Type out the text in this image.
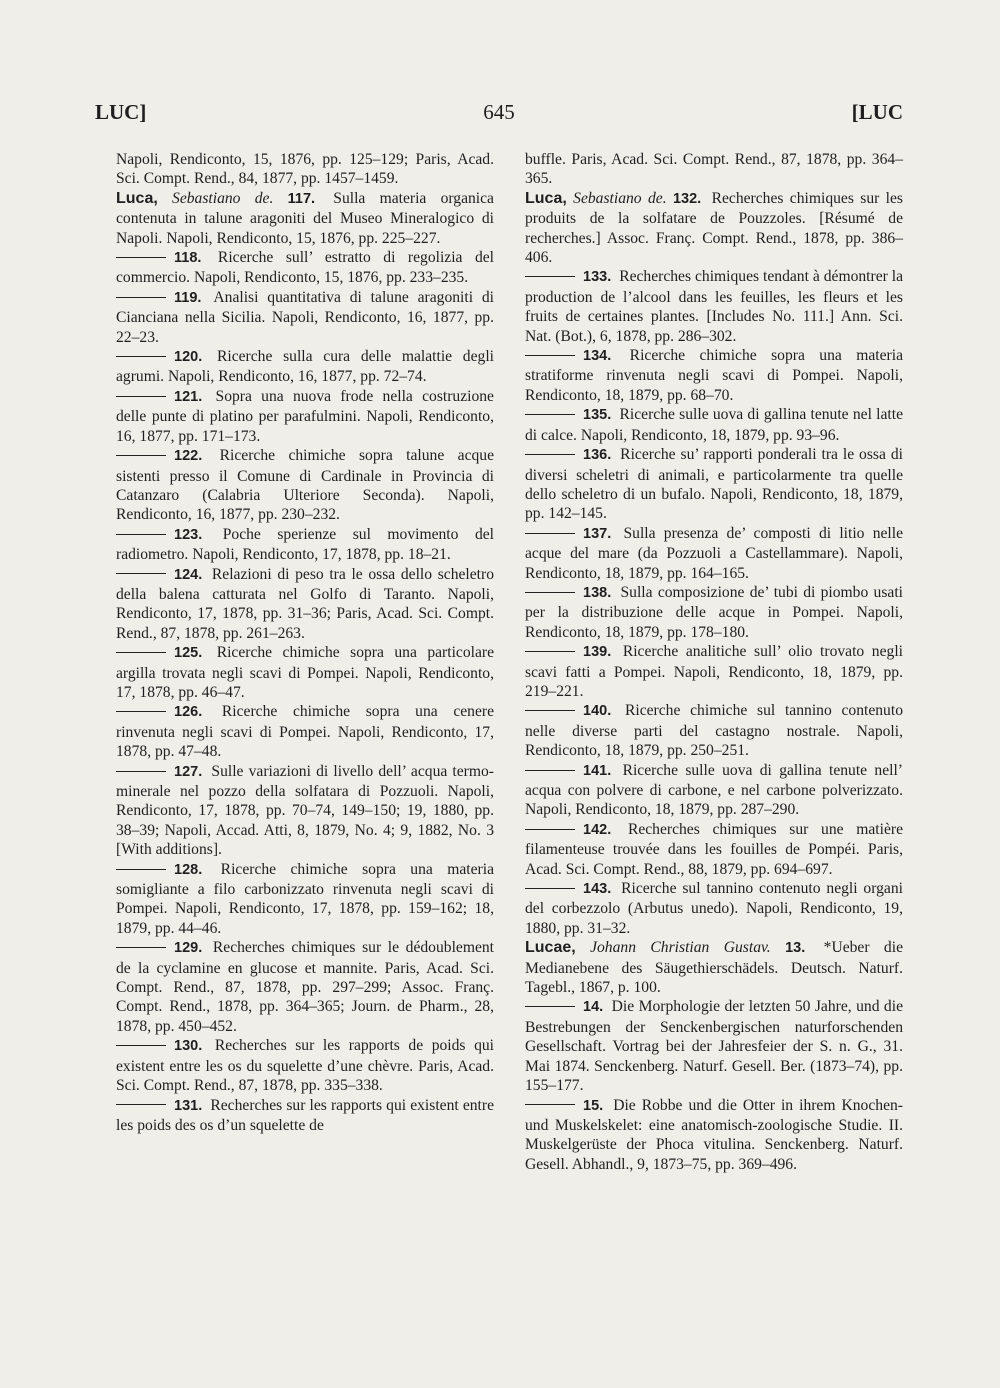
LUC]	645	[LUC

Napoli, Rendiconto, 15, 1876, pp. 125–129; Paris, Acad. Sci. Compt. Rend., 84, 1877, pp. 1457–1459.

Luca, Sebastiano de. 117. Sulla materia organica contenuta in talune aragoniti del Museo Mineralogico di Napoli. Napoli, Rendiconto, 15, 1876, pp. 225–227.

118. Ricerche sull’ estratto di regolizia del commercio. Napoli, Rendiconto, 15, 1876, pp. 233–235.

119. Analisi quantitativa di talune aragoniti di Cianciana nella Sicilia. Napoli, Rendiconto, 16, 1877, pp. 22–23.

120. Ricerche sulla cura delle malattie degli agrumi. Napoli, Rendiconto, 16, 1877, pp. 72–74.

121. Sopra una nuova frode nella costruzione delle punte di platino per parafulmini. Napoli, Rendiconto, 16, 1877, pp. 171–173.

122. Ricerche chimiche sopra talune acque sistenti presso il Comune di Cardinale in Provincia di Catanzaro (Calabria Ulteriore Seconda). Napoli, Rendiconto, 16, 1877, pp. 230–232.

123. Poche sperienze sul movimento del radiometro. Napoli, Rendiconto, 17, 1878, pp. 18–21.

124. Relazioni di peso tra le ossa dello scheletro della balena catturata nel Golfo di Taranto. Napoli, Rendiconto, 17, 1878, pp. 31–36; Paris, Acad. Sci. Compt. Rend., 87, 1878, pp. 261–263.

125. Ricerche chimiche sopra una particolare argilla trovata negli scavi di Pompei. Napoli, Rendiconto, 17, 1878, pp. 46–47.

126. Ricerche chimiche sopra una cenere rinvenuta negli scavi di Pompei. Napoli, Rendiconto, 17, 1878, pp. 47–48.

127. Sulle variazioni di livello dell’ acqua termo-minerale nel pozzo della solfatara di Pozzuoli. Napoli, Rendiconto, 17, 1878, pp. 70–74, 149–150; 19, 1880, pp. 38–39; Napoli, Accad. Atti, 8, 1879, No. 4; 9, 1882, No. 3 [With additions].

128. Ricerche chimiche sopra una materia somigliante a filo carbonizzato rinvenuta negli scavi di Pompei. Napoli, Rendiconto, 17, 1878, pp. 159–162; 18, 1879, pp. 44–46.

129. Recherches chimiques sur le dédoublement de la cyclamine en glucose et mannite. Paris, Acad. Sci. Compt. Rend., 87, 1878, pp. 297–299; Assoc. Franç. Compt. Rend., 1878, pp. 364–365; Journ. de Pharm., 28, 1878, pp. 450–452.

130. Recherches sur les rapports de poids qui existent entre les os du squelette d’une chèvre. Paris, Acad. Sci. Compt. Rend., 87, 1878, pp. 335–338.

131. Recherches sur les rapports qui existent entre les poids des os d’un squelette de

buffle. Paris, Acad. Sci. Compt. Rend., 87, 1878, pp. 364–365.

Luca, Sebastiano de. 132. Recherches chimiques sur les produits de la solfatare de Pouzzoles. [Résumé de recherches.] Assoc. Franç. Compt. Rend., 1878, pp. 386–406.

133. Recherches chimiques tendant à démontrer la production de l’alcool dans les feuilles, les fleurs et les fruits de certaines plantes. [Includes No. 111.] Ann. Sci. Nat. (Bot.), 6, 1878, pp. 286–302.

134. Ricerche chimiche sopra una materia stratiforme rinvenuta negli scavi di Pompei. Napoli, Rendiconto, 18, 1879, pp. 68–70.

135. Ricerche sulle uova di gallina tenute nel latte di calce. Napoli, Rendiconto, 18, 1879, pp. 93–96.

136. Ricerche su’ rapporti ponderali tra le ossa di diversi scheletri di animali, e particolarmente tra quelle dello scheletro di un bufalo. Napoli, Rendiconto, 18, 1879, pp. 142–145.

137. Sulla presenza de’ composti di litio nelle acque del mare (da Pozzuoli a Castellammare). Napoli, Rendiconto, 18, 1879, pp. 164–165.

138. Sulla composizione de’ tubi di piombo usati per la distribuzione delle acque in Pompei. Napoli, Rendiconto, 18, 1879, pp. 178–180.

139. Ricerche analitiche sull’ olio trovato negli scavi fatti a Pompei. Napoli, Rendiconto, 18, 1879, pp. 219–221.

140. Ricerche chimiche sul tannino contenuto nelle diverse parti del castagno nostrale. Napoli, Rendiconto, 18, 1879, pp. 250–251.

141. Ricerche sulle uova di gallina tenute nell’ acqua con polvere di carbone, e nel carbone polverizzato. Napoli, Rendiconto, 18, 1879, pp. 287–290.

142. Recherches chimiques sur une matière filamenteuse trouvée dans les fouilles de Pompéi. Paris, Acad. Sci. Compt. Rend., 88, 1879, pp. 694–697.

143. Ricerche sul tannino contenuto negli organi del corbezzolo (Arbutus unedo). Napoli, Rendiconto, 19, 1880, pp. 31–32.

Lucae, Johann Christian Gustav. 13. *Ueber die Medianebene des Säugethierschädels. Deutsch. Naturf. Tagebl., 1867, p. 100.

14. Die Morphologie der letzten 50 Jahre, und die Bestrebungen der Senckenbergischen naturforschenden Gesellschaft. Vortrag bei der Jahresfeier der S. n. G., 31. Mai 1874. Senckenberg. Naturf. Gesell. Ber. (1873–74), pp. 155–177.

15. Die Robbe und die Otter in ihrem Knochen- und Muskelskelet: eine anatomisch-zoologische Studie. II. Muskelgerüste der Phoca vitulina. Senckenberg. Naturf. Gesell. Abhandl., 9, 1873–75, pp. 369–496.
